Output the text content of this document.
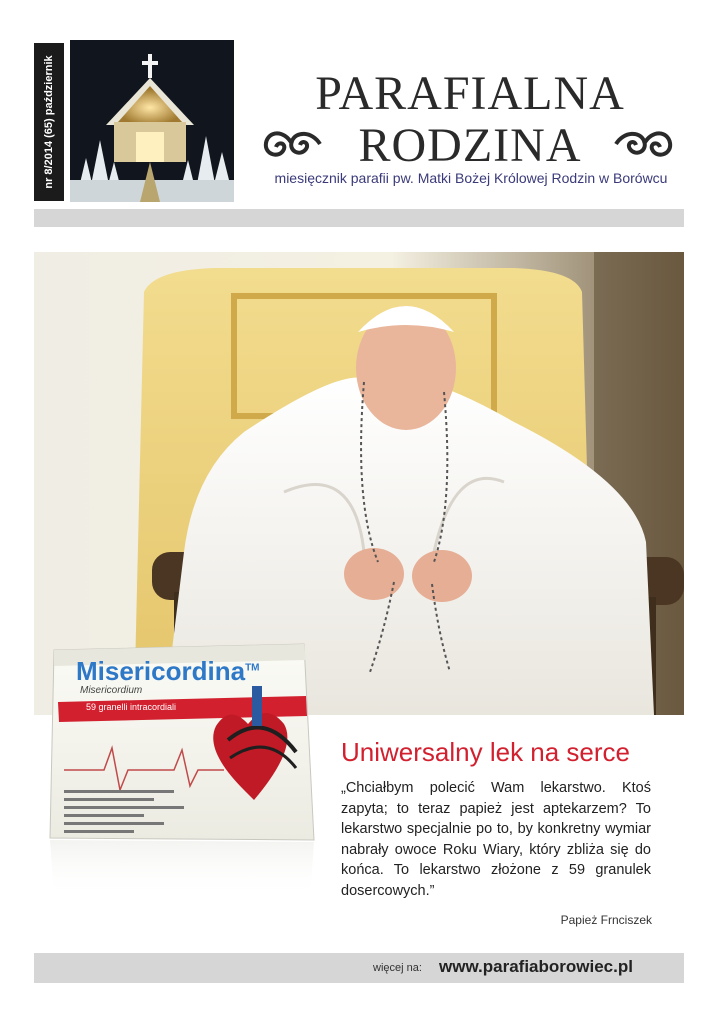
nr 8/2014 (65) październik	PARAFIALNA
RODZINA
miesięcznik parafii pw. Matki Bożej Królowej Rodzin w Borówcu
Misericordina™
Misericordium
59 granelli intracordiali
Uniwersalny lek na serce
„Chciałbym polecić Wam lekarstwo. Ktoś zapyta; to teraz papież jest aptekarzem? To lekarstwo specjalnie po to, by konkretny wymiar nabrały owoce Roku Wiary, który zbliża się do końca. To lekarstwo złożone z 59 granulek dosercowych.”
Papież Frnciszek
więcej na: www.parafiaborowiec.pl
